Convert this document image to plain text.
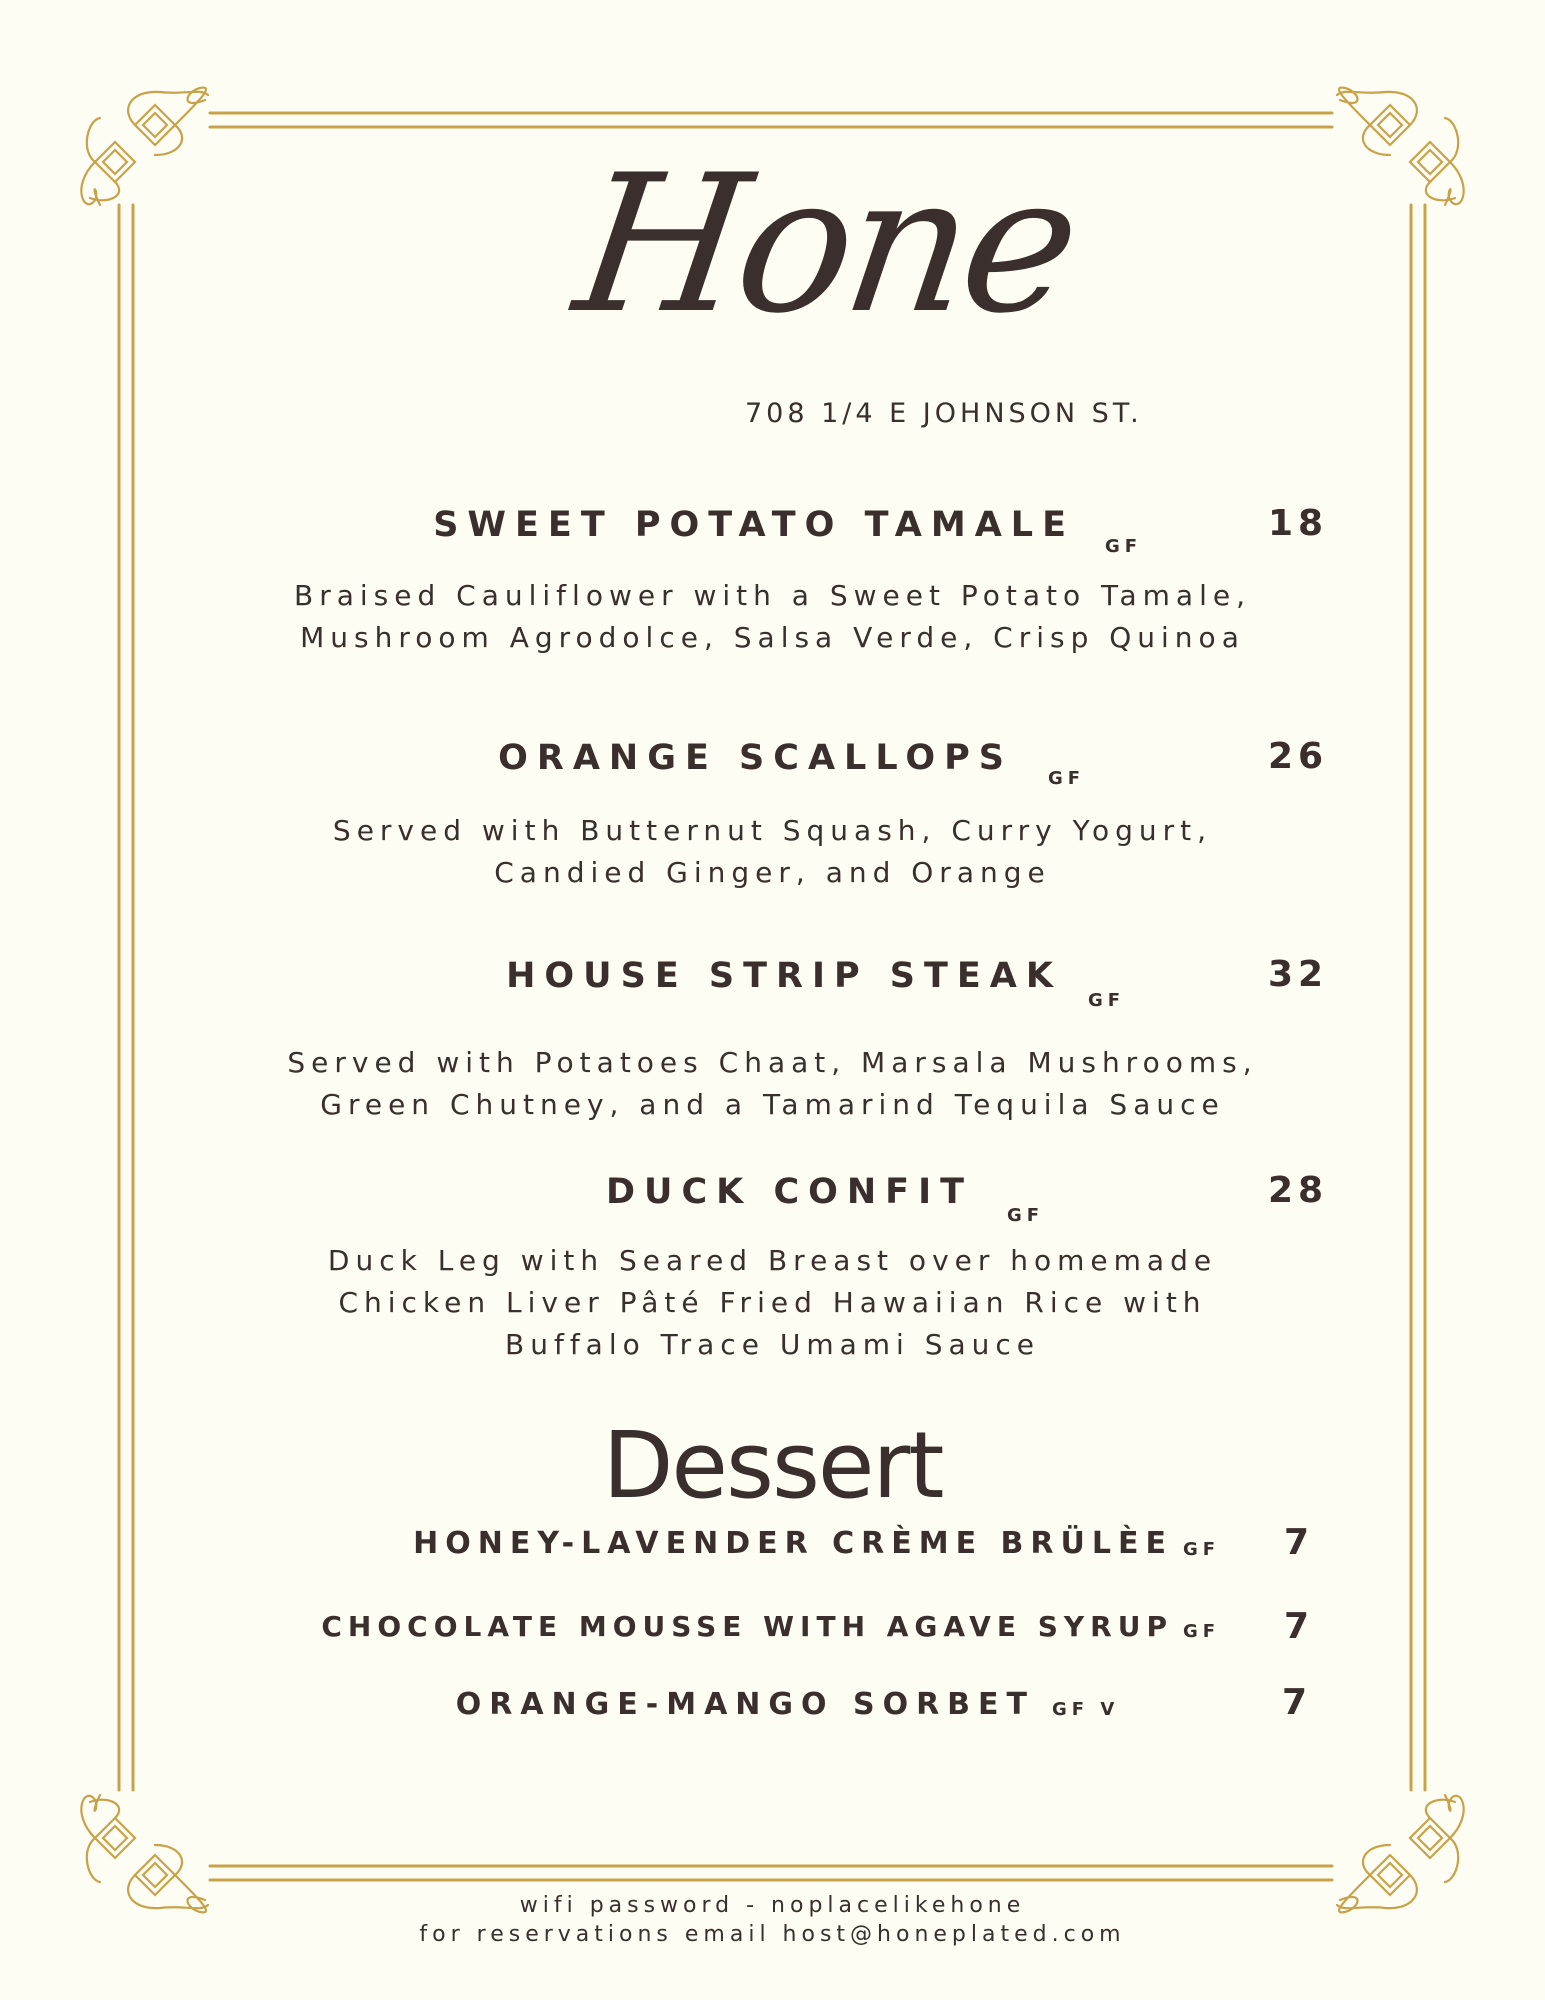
Hone
708 1/4 E JOHNSON ST.
SWEET POTATO TAMALE
GF
18
Braised Cauliflower with a Sweet Potato Tamale,
Mushroom Agrodolce, Salsa Verde, Crisp Quinoa
ORANGE SCALLOPS
GF
26
Served with Butternut Squash, Curry Yogurt,
Candied Ginger, and Orange
HOUSE STRIP STEAK
GF
32
Served with Potatoes Chaat, Marsala Mushrooms,
Green Chutney, and a Tamarind Tequila Sauce
DUCK CONFIT
GF
28
Duck Leg with Seared Breast over homemade
Chicken Liver Pâté Fried Hawaiian Rice with
Buffalo Trace Umami Sauce
Dessert
HONEY-LAVENDER CRÈME BRÜLÈE GF 7
CHOCOLATE MOUSSE WITH AGAVE SYRUP GF 7
ORANGE-MANGO SORBET GF V	7
wifi password - noplacelikehone
for reservations email host@honeplated.com
